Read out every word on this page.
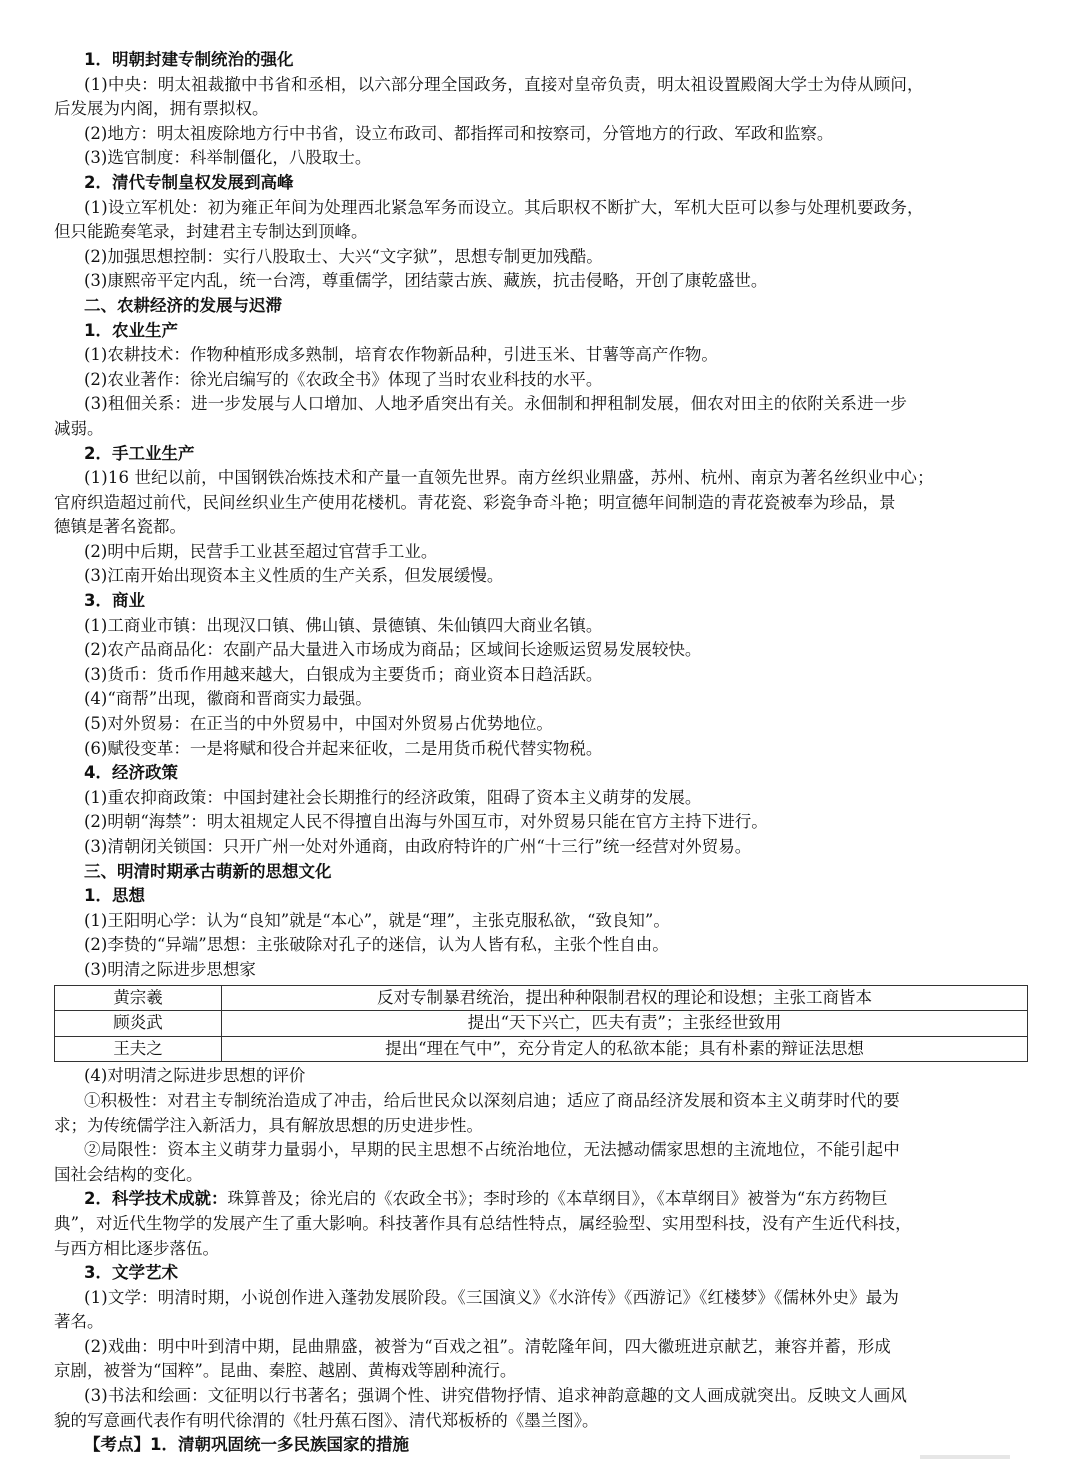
1．明朝封建专制统治的强化

(1)中央：明太祖裁撤中书省和丞相，以六部分理全国政务，直接对皇帝负责，明太祖设置殿阁大学士为侍从顾问，

后发展为内阁，拥有票拟权。

(2)地方：明太祖废除地方行中书省，设立布政司、都指挥司和按察司，分管地方的行政、军政和监察。

(3)选官制度：科举制僵化，八股取士。

2．清代专制皇权发展到高峰

(1)设立军机处：初为雍正年间为处理西北紧急军务而设立。其后职权不断扩大，军机大臣可以参与处理机要政务，

但只能跪奏笔录，封建君主专制达到顶峰。

(2)加强思想控制：实行八股取士、大兴“文字狱”，思想专制更加残酷。

(3)康熙帝平定内乱，统一台湾，尊重儒学，团结蒙古族、藏族，抗击侵略，开创了康乾盛世。

二、农耕经济的发展与迟滞

1．农业生产

(1)农耕技术：作物种植形成多熟制，培育农作物新品种，引进玉米、甘薯等高产作物。

(2)农业著作：徐光启编写的《农政全书》体现了当时农业科技的水平。

(3)租佃关系：进一步发展与人口增加、人地矛盾突出有关。永佃制和押租制发展，佃农对田主的依附关系进一步

减弱。

2．手工业生产

(1)16 世纪以前，中国钢铁冶炼技术和产量一直领先世界。南方丝织业鼎盛，苏州、杭州、南京为著名丝织业中心；

官府织造超过前代，民间丝织业生产使用花楼机。青花瓷、彩瓷争奇斗艳；明宣德年间制造的青花瓷被奉为珍品，景

德镇是著名瓷都。

(2)明中后期，民营手工业甚至超过官营手工业。

(3)江南开始出现资本主义性质的生产关系，但发展缓慢。

3．商业

(1)工商业市镇：出现汉口镇、佛山镇、景德镇、朱仙镇四大商业名镇。

(2)农产品商品化：农副产品大量进入市场成为商品；区域间长途贩运贸易发展较快。

(3)货币：货币作用越来越大，白银成为主要货币；商业资本日趋活跃。

(4)“商帮”出现，徽商和晋商实力最强。

(5)对外贸易：在正当的中外贸易中，中国对外贸易占优势地位。

(6)赋役变革：一是将赋和役合并起来征收，二是用货币税代替实物税。

4．经济政策

(1)重农抑商政策：中国封建社会长期推行的经济政策，阻碍了资本主义萌芽的发展。

(2)明朝“海禁”：明太祖规定人民不得擅自出海与外国互市，对外贸易只能在官方主持下进行。

(3)清朝闭关锁国：只开广州一处对外通商，由政府特许的广州“十三行”统一经营对外贸易。

三、明清时期承古萌新的思想文化

1．思想

(1)王阳明心学：认为“良知”就是“本心”，就是“理”，主张克服私欲，“致良知”。

(2)李贽的“异端”思想：主张破除对孔子的迷信，认为人皆有私，主张个性自由。

(3)明清之际进步思想家

黄宗羲	反对专制暴君统治，提出种种限制君权的理论和设想；主张工商皆本
顾炎武	提出“天下兴亡，匹夫有责”；主张经世致用
王夫之	提出“理在气中”，充分肯定人的私欲本能；具有朴素的辩证法思想

(4)对明清之际进步思想的评价

①积极性：对君主专制统治造成了冲击，给后世民众以深刻启迪；适应了商品经济发展和资本主义萌芽时代的要

求；为传统儒学注入新活力，具有解放思想的历史进步性。

②局限性：资本主义萌芽力量弱小，早期的民主思想不占统治地位，无法撼动儒家思想的主流地位，不能引起中

国社会结构的变化。

2．科学技术成就：珠算普及；徐光启的《农政全书》；李时珍的《本草纲目》，《本草纲目》被誉为“东方药物巨

典”，对近代生物学的发展产生了重大影响。科技著作具有总结性特点，属经验型、实用型科技，没有产生近代科技，

与西方相比逐步落伍。

3．文学艺术

(1)文学：明清时期，小说创作进入蓬勃发展阶段。《三国演义》《水浒传》《西游记》《红楼梦》《儒林外史》最为

著名。

(2)戏曲：明中叶到清中期，昆曲鼎盛，被誉为“百戏之祖”。清乾隆年间，四大徽班进京献艺，兼容并蓄，形成

京剧，被誉为“国粹”。昆曲、秦腔、越剧、黄梅戏等剧种流行。

(3)书法和绘画：文征明以行书著名；强调个性、讲究借物抒情、追求神韵意趣的文人画成就突出。反映文人画风

貌的写意画代表作有明代徐渭的《牡丹蕉石图》、清代郑板桥的《墨兰图》。

【考点】1．清朝巩固统一多民族国家的措施
